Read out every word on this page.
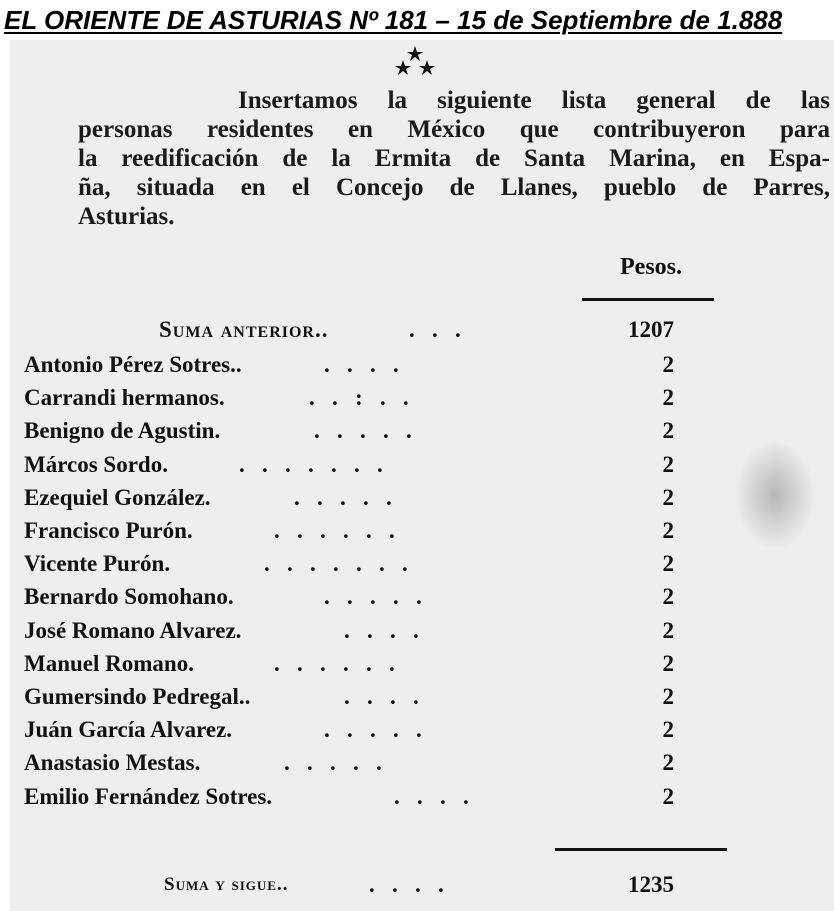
EL ORIENTE DE ASTURIAS Nº 181 – 15 de Septiembre de 1.888
Insertamos la siguiente lista general de las
personas residentes en México que contribuyeron para
la reedificación de la Ermita de Santa Marina, en Espa-
ña, situada en el Concejo de Llanes, pueblo de Parres,
Asturias.
Pesos.
Suma anterior..	.   .   .	1207
Antonio Pérez Sotres..	.   .   .   .	2
Carrandi hermanos.	.   .   :   .   .	2
Benigno de Agustin.	.   .   .   .   .	2
Márcos Sordo.	.   .   .   .   .   .   .	2
Ezequiel González.	.   .   .   .   .	2
Francisco Purón.	.   .   .   .   .   .	2
Vicente Purón.	.   .   .   .   .   .   .	2
Bernardo Somohano.	.   .   .   .   .	2
José Romano Alvarez.	.   .   .   .	2
Manuel Romano.	.   .   .   .   .   .	2
Gumersindo Pedregal..	.   .   .   .	2
Juán García Alvarez.	.   .   .   .   .	2
Anastasio Mestas.	.   .   .   .   .	2
Emilio Fernández Sotres.	.   .   .   .	2
Suma y sigue..	.   .   .   .	1235
